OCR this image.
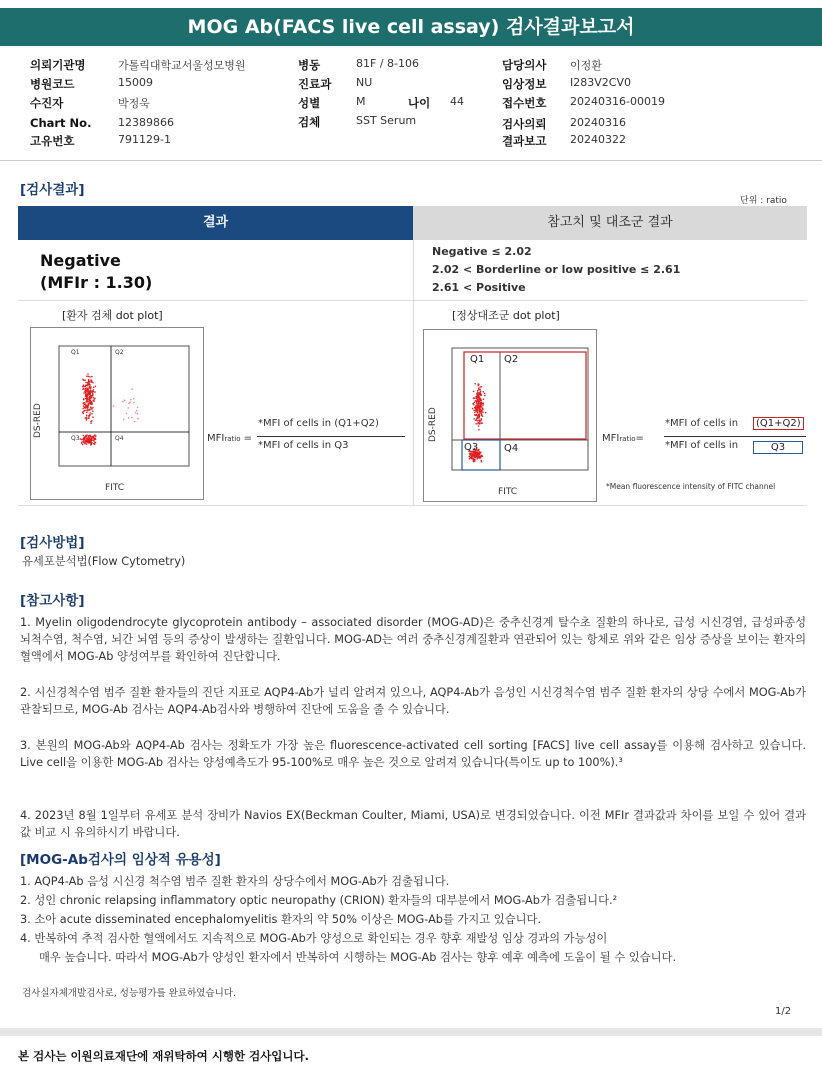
MOG Ab(FACS live cell assay) 검사결과보고서
의뢰기관명	가톨릭대학교서울성모병원
병원코드	15009
수진자	박정욱
Chart No. 12389866
고유번호	791129-1
병동	81F / 8-106
진료과 NU
성별	M	나이 44
검체	SST Serum
담당의사 이정환
임상정보 I283V2CV0
접수번호 20240316-00019
검사의뢰 20240316
결과보고 20240322
[검사결과]
단위 : ratio
결과	참고치 및 대조군 결과
Negative
(MFIr : 1.30)
Negative ≤ 2.02
2.02 < Borderline or low positive ≤ 2.61
2.61 < Positive
[환자 검체 dot plot]	[정상대조군 dot plot]
Q1	Q2
Q3	Q4
DS-RED
FITC
MFIratio =
*MFI of cells in (Q1+Q2)
*MFI of cells in Q3
Q1 Q2
Q3	Q4
DS-RED
FITC
MFIratio=
*MFI of cells in	(Q1+Q2)
*MFI of cells in	Q3
*Mean fluorescence intensity of FITC channel
[검사방법]
유세포분석법(Flow Cytometry)
[참고사항]
1. Myelin oligodendrocyte glycoprotein antibody – associated disorder (MOG-AD)은 중추신경계 탈수초 질환의 하나로, 급성 시신경염, 급성파종성 뇌척수염, 척수염, 뇌간 뇌염 등의 증상이 발생하는 질환입니다. MOG-AD는 여러 중추신경계질환과 연관되어 있는 항체로 위와 같은 임상 증상을 보이는 환자의 혈액에서 MOG-Ab 양성여부를 확인하여 진단합니다.
2. 시신경척수염 범주 질환 환자들의 진단 지표로 AQP4-Ab가 널리 알려져 있으나, AQP4-Ab가 음성인 시신경척수염 범주 질환 환자의 상당 수에서 MOG-Ab가 관찰되므로, MOG-Ab 검사는 AQP4-Ab검사와 병행하여 진단에 도움을 줄 수 있습니다.
3. 본원의 MOG-Ab와 AQP4-Ab 검사는 정확도가 가장 높은 fluorescence-activated cell sorting [FACS] live cell assay를 이용해 검사하고 있습니다. Live cell을 이용한 MOG-Ab 검사는 양성예측도가 95-100%로 매우 높은 것으로 알려져 있습니다(특이도 up to 100%).³
4. 2023년 8월 1일부터 유세포 분석 장비가 Navios EX(Beckman Coulter, Miami, USA)로 변경되었습니다. 이전 MFIr 결과값과 차이를 보일 수 있어 결과값 비교 시 유의하시기 바랍니다.
[MOG-Ab검사의 임상적 유용성]
1. AQP4-Ab 음성 시신경 척수염 범주 질환 환자의 상당수에서 MOG-Ab가 검출됩니다.
2. 성인 chronic relapsing inflammatory optic neuropathy (CRION) 환자들의 대부분에서 MOG-Ab가 검출됩니다.²
3. 소아 acute disseminated encephalomyelitis 환자의 약 50% 이상은 MOG-Ab를 가지고 있습니다.
4. 반복하여 추적 검사한 혈액에서도 지속적으로 MOG-Ab가 양성으로 확인되는 경우 향후 재발성 임상 경과의 가능성이
매우 높습니다. 따라서 MOG-Ab가 양성인 환자에서 반복하여 시행하는 MOG-Ab 검사는 향후 예후 예측에 도움이 될 수 있습니다.
검사실자체개발검사로, 성능평가를 완료하였습니다.
1/2
본 검사는 이원의료재단에 재위탁하여 시행한 검사입니다.
